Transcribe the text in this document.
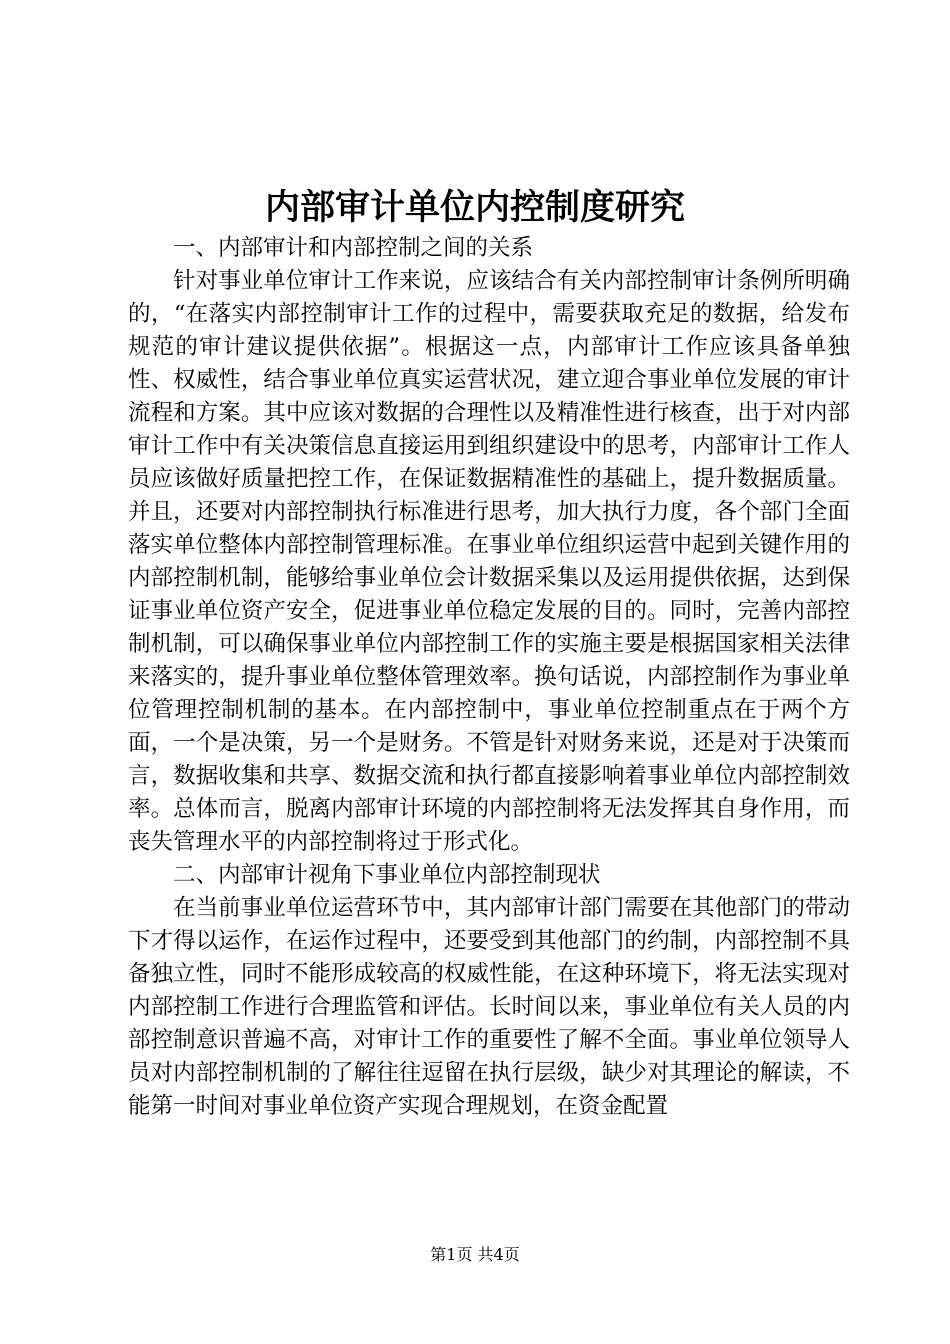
内部审计单位内控制度研究

一、内部审计和内部控制之间的关系

针对事业单位审计工作来说，应该结合有关内部控制审计条例所明确的，“在落实内部控制审计工作的过程中，需要获取充足的数据，给发布规范的审计建议提供依据”。根据这一点，内部审计工作应该具备单独性、权威性，结合事业单位真实运营状况，建立迎合事业单位发展的审计流程和方案。其中应该对数据的合理性以及精准性进行核查，出于对内部审计工作中有关决策信息直接运用到组织建设中的思考，内部审计工作人员应该做好质量把控工作，在保证数据精准性的基础上，提升数据质量。并且，还要对内部控制执行标准进行思考，加大执行力度，各个部门全面落实单位整体内部控制管理标准。在事业单位组织运营中起到关键作用的内部控制机制，能够给事业单位会计数据采集以及运用提供依据，达到保证事业单位资产安全，促进事业单位稳定发展的目的。同时，完善内部控制机制，可以确保事业单位内部控制工作的实施主要是根据国家相关法律来落实的，提升事业单位整体管理效率。换句话说，内部控制作为事业单位管理控制机制的基本。在内部控制中，事业单位控制重点在于两个方面，一个是决策，另一个是财务。不管是针对财务来说，还是对于决策而言，数据收集和共享、数据交流和执行都直接影响着事业单位内部控制效率。总体而言，脱离内部审计环境的内部控制将无法发挥其自身作用，而丧失管理水平的内部控制将过于形式化。

二、内部审计视角下事业单位内部控制现状

在当前事业单位运营环节中，其内部审计部门需要在其他部门的带动下才得以运作，在运作过程中，还要受到其他部门的约制，内部控制不具备独立性，同时不能形成较高的权威性能，在这种环境下，将无法实现对内部控制工作进行合理监管和评估。长时间以来，事业单位有关人员的内部控制意识普遍不高，对审计工作的重要性了解不全面。事业单位领导人员对内部控制机制的了解往往逗留在执行层级，缺少对其理论的解读，不能第一时间对事业单位资产实现合理规划，在资金配置

第1页 共4页
